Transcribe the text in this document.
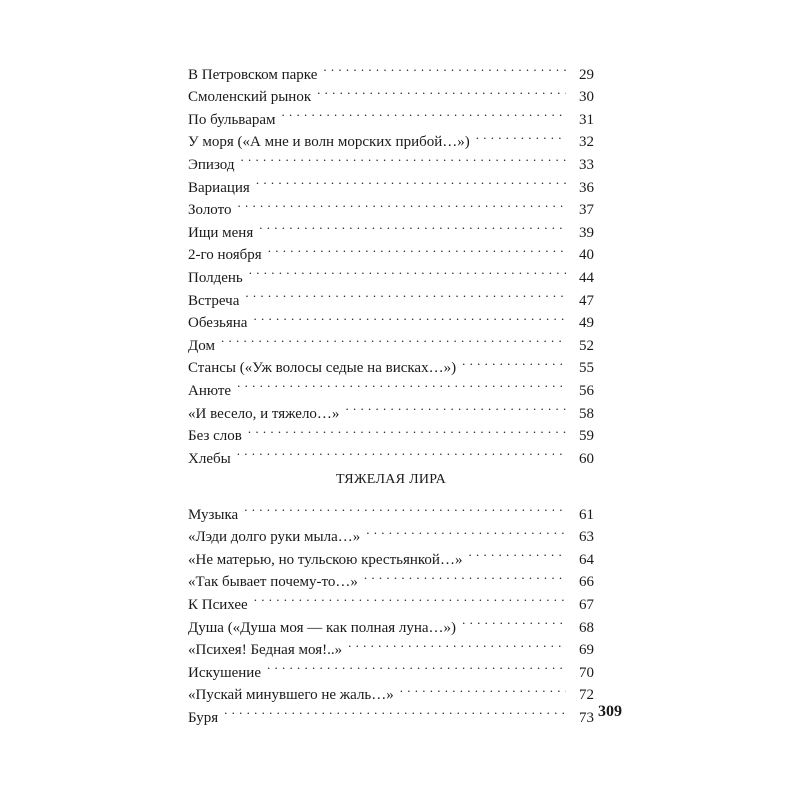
В Петровском парке . . .	29
Смоленский рынок . . .	30
По бульварам . . .	31
У моря («А мне и волн морских прибой…») . . .	32
Эпизод . . .	33
Вариация . . .	36
Золото . . .	37
Ищи меня . . .	39
2-го ноября . . .	40
Полдень . . .	44
Встреча . . .	47
Обезьяна . . .	49
Дом . . .	52
Стансы («Уж волосы седые на висках…») . . .	55
Анюте . . .	56
«И весело, и тяжело…» . . .	58
Без слов . . .	59
Хлебы . . .	60
ТЯЖЕЛАЯ ЛИРА
Музыка . . .	61
«Лэди долго руки мыла…» . . .	63
«Не матерью, но тульскою крестьянкой…» . . .	64
«Так бывает почему-то…» . . .	66
К Психее . . .	67
Душа («Душа моя — как полная луна…») . . .	68
«Психея! Бедная моя!..» . . .	69
Искушение . . .	70
«Пускай минувшего не жаль…» . . .	72
Буря . . .	73 309
